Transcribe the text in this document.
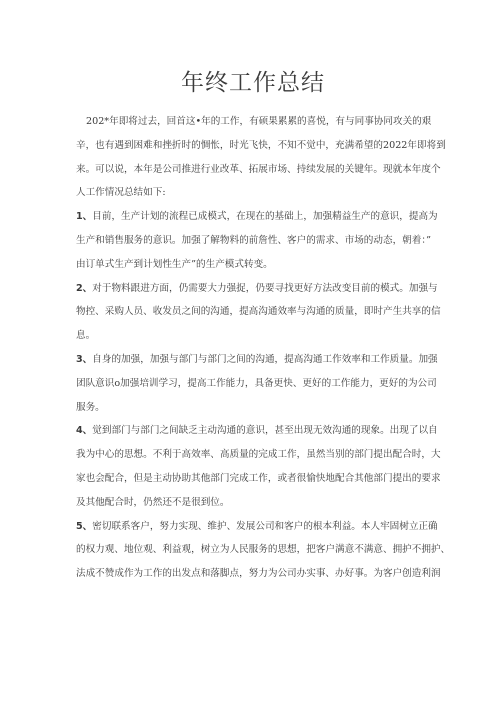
年终工作总结

202*年即将过去，回首这•年的工作，有硕果累累的喜悦，有与同事协同攻关的艰
辛，也有遇到困难和挫折时的惆怅，时光飞快，不知不觉中，充满希望的2022年即将到
来。可以说，本年是公司推进行业改革、拓展市场、持续发展的关键年。现就本年度个
人工作情况总结如下:

1、目前，生产计划的流程已成模式，在现在的基础上，加强精益生产的意识，提高为
生产和销售服务的意识。加强了解物料的前詹性、客户的需求、市场的动态，朝着：”
由订单式生产到计划性生产”的生产模式转变。

2、对于物料跟进方面，仍需要大力强捉，仍要寻找更好方法改变目前的模式。加强与
物控、采购人员、收发员之间的沟通，提高沟通效率与沟通的质量，即时产生共享的信
息。

3、自身的加强，加强与部门与部门之间的沟通，提高沟通工作效率和工作质量。加强
团队意识o加强培训学习，提高工作能力，具备更快、更好的工作能力，更好的为公司
服务。

4、觉到部门与部门之间缺乏主动沟通的意识，甚至出现无效沟通的现象。出现了以自
我为中心的思想。不利于高效率、高质量的完成工作，虽然当别的部门提出配合时，大
家也会配合，但是主动协助其他部门完成工作，或者很愉快地配合其他部门提出的要求
及其他配合时，仍然还不是很到位。

5、密切联系客户，努力实现、维护、发展公司和客户的根本利益。本人牢固树立正确
的权力观、地位观、利益观，树立为人民服务的思想，把客户满意不满意、拥护不拥护、
法成不赞成作为工作的出发点和落脚点，努力为公司办实事、办好事。为客户创造利润
